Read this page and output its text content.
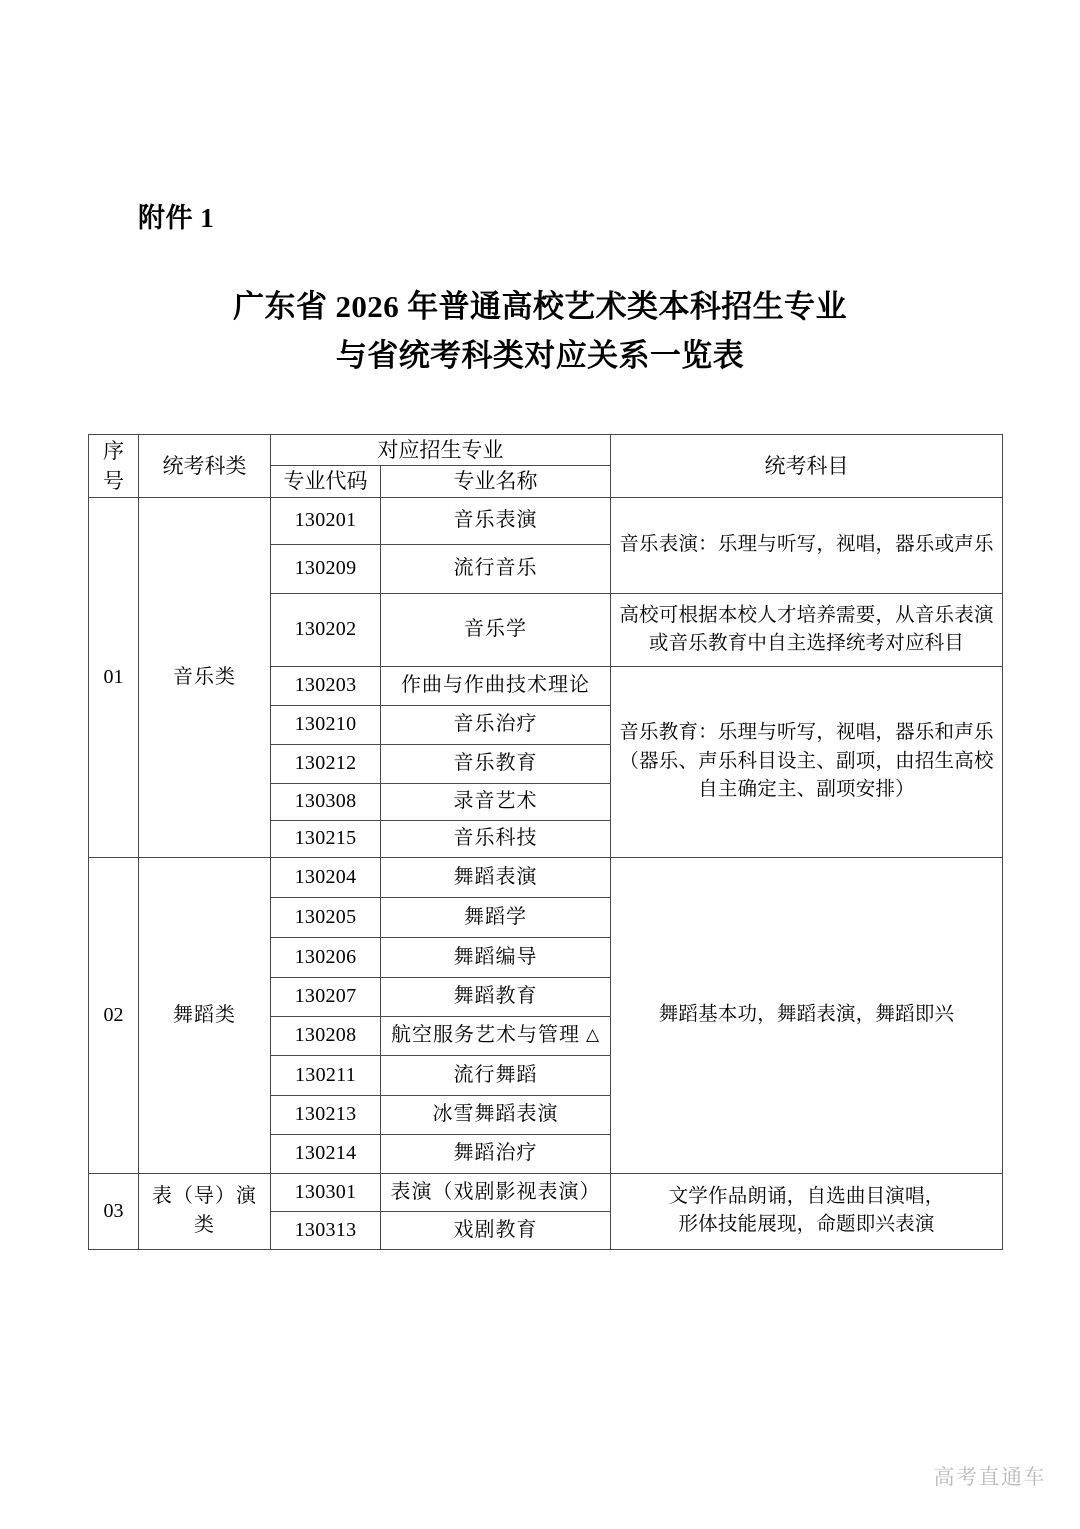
附件 1
广东省 2026 年普通高校艺术类本科招生专业
与省统考科类对应关系一览表
序号	统考科类	对应招生专业		统考科目
		专业代码	专业名称	
01	音乐类	130201	音乐表演	音乐表演：乐理与听写，视唱，器乐或声乐

		130209	流行音乐	
		130202	音乐学	高校可根据本校人才培养需要，从音乐表演
或音乐教育中自主选择统考对应科目

		130203	作曲与作曲技术理论	音乐教育：乐理与听写，视唱，器乐和声乐
（器乐、声乐科目设主、副项，由招生高校
自主确定主、副项安排）

		130210	音乐治疗	
		130212	音乐教育	
		130308	录音艺术	
		130215	音乐科技	
02	舞蹈类	130204	舞蹈表演	舞蹈基本功，舞蹈表演，舞蹈即兴

		130205	舞蹈学	
		130206	舞蹈编导	
		130207	舞蹈教育	
		130208	航空服务艺术与管理 △	
		130211	流行舞蹈	
		130213	冰雪舞蹈表演	
		130214	舞蹈治疗	
03	表（导）演类	130301	表演（戏剧影视表演）	文学作品朗诵，自选曲目演唱，
形体技能展现，命题即兴表演

		130313	戏剧教育	
高考直通车
